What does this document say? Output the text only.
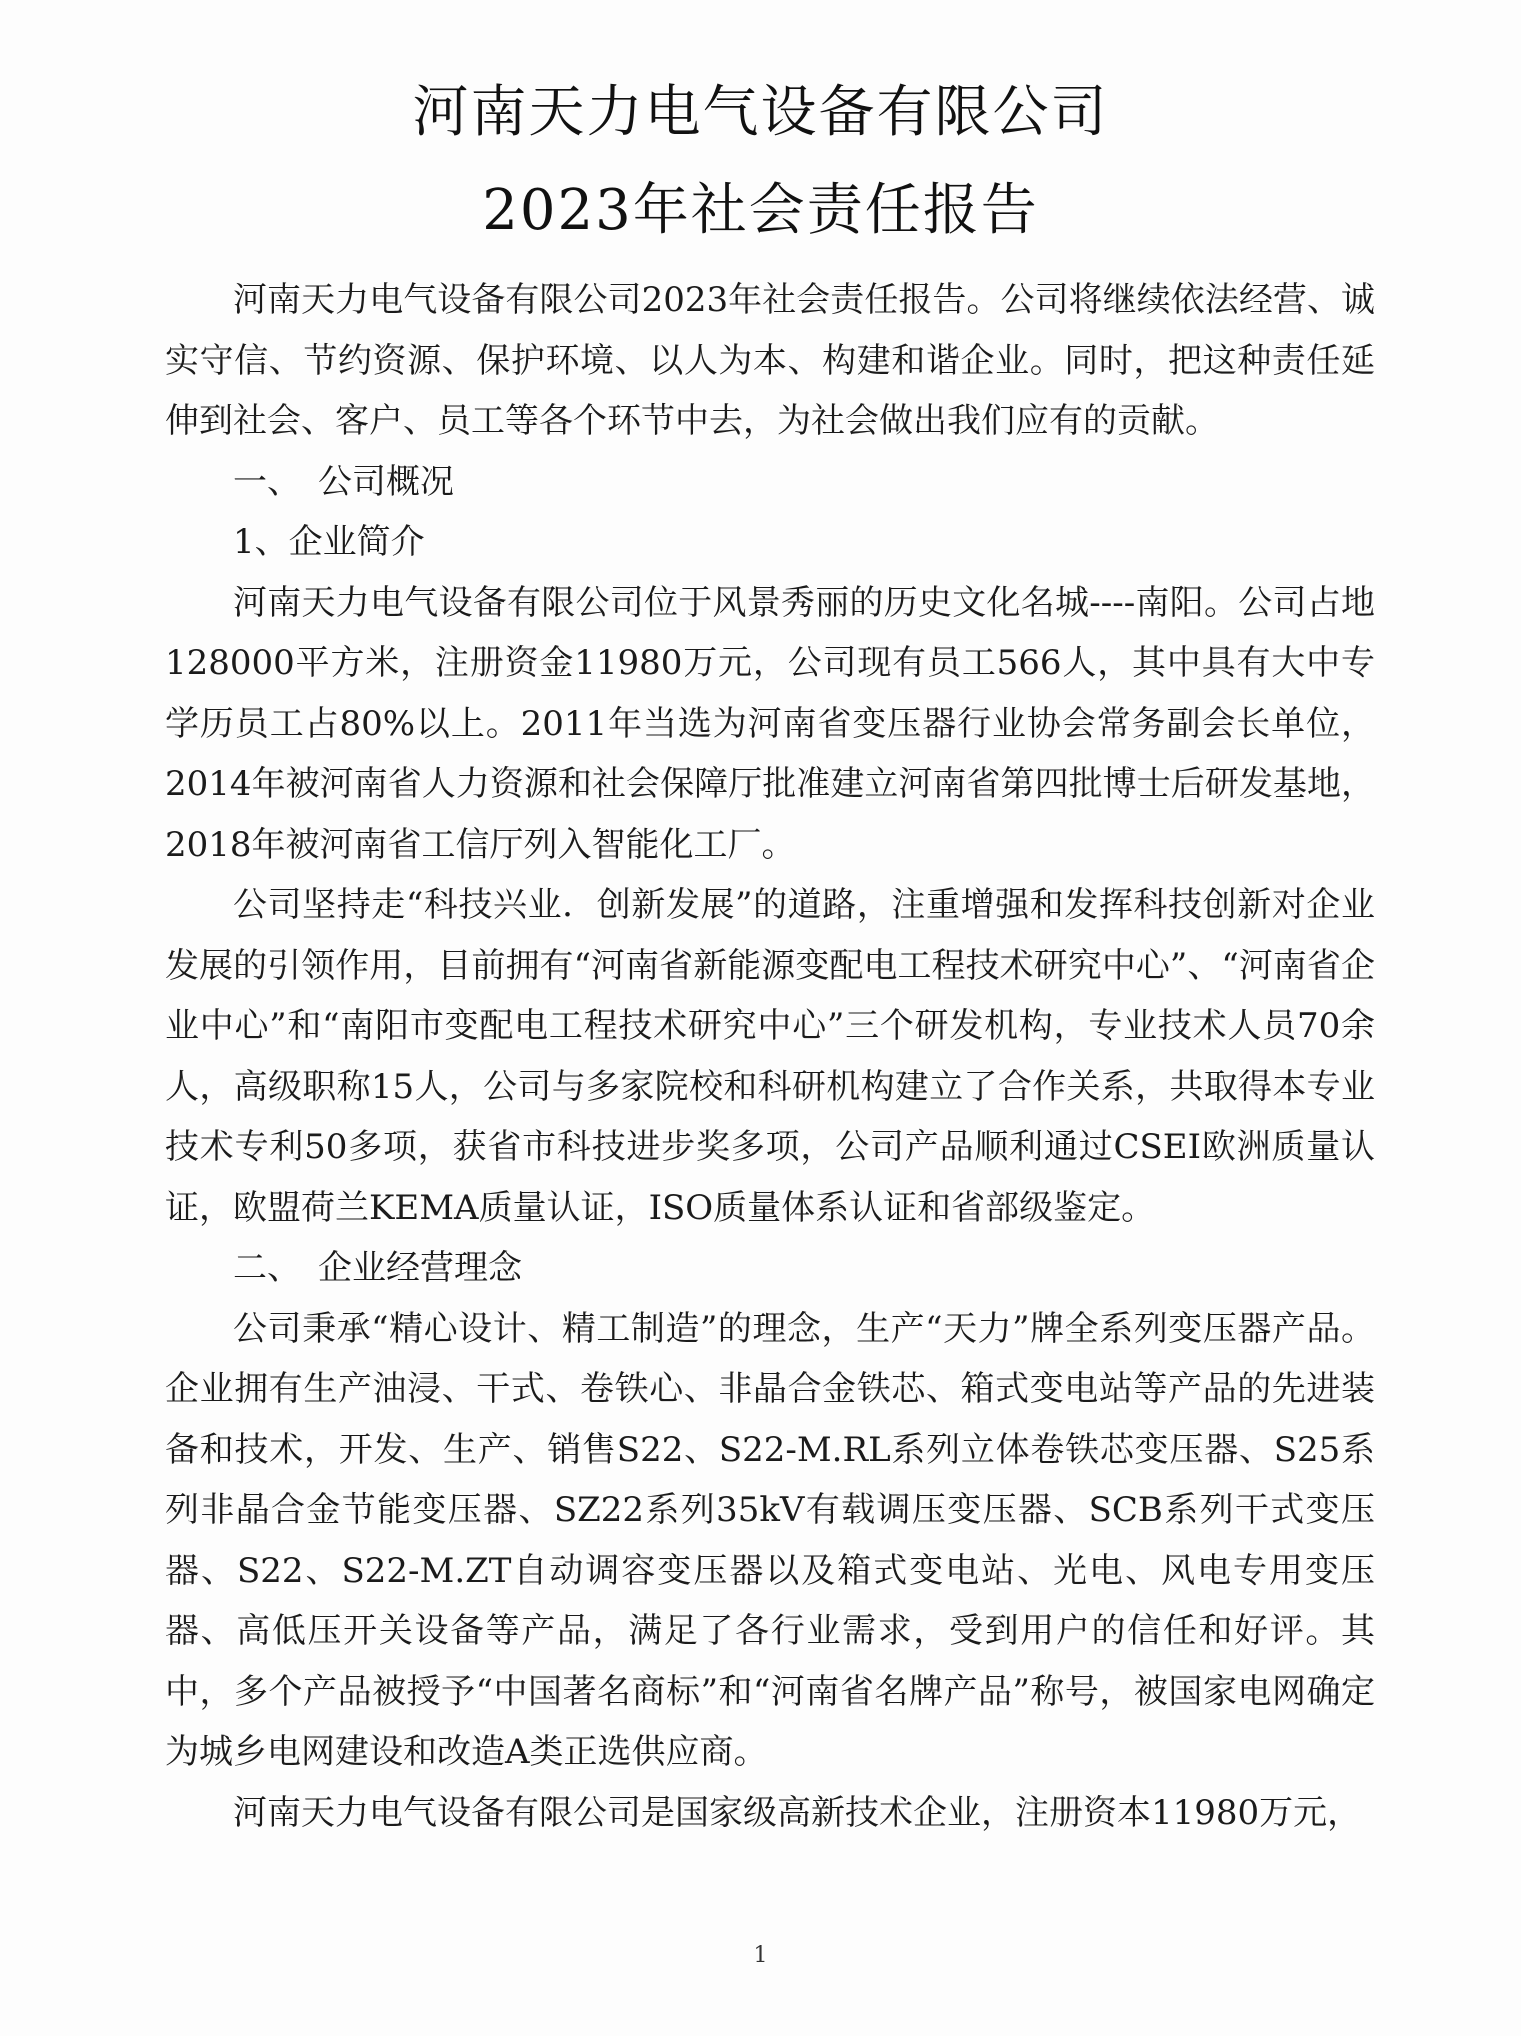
河南天力电气设备有限公司
2023年社会责任报告

河南天力电气设备有限公司2023年社会责任报告。公司将继续依法经营、诚实守信、节约资源、保护环境、以人为本、构建和谐企业。同时，把这种责任延伸到社会、客户、员工等各个环节中去，为社会做出我们应有的贡献。

一、　公司概况

1、企业简介

河南天力电气设备有限公司位于风景秀丽的历史文化名城----南阳。公司占地128000平方米，注册资金11980万元，公司现有员工566人，其中具有大中专学历员工占80%以上。2011年当选为河南省变压器行业协会常务副会长单位，2014年被河南省人力资源和社会保障厅批准建立河南省第四批博士后研发基地，2018年被河南省工信厅列入智能化工厂。

公司坚持走“科技兴业．创新发展”的道路，注重增强和发挥科技创新对企业发展的引领作用，目前拥有“河南省新能源变配电工程技术研究中心”、“河南省企业中心”和“南阳市变配电工程技术研究中心”三个研发机构，专业技术人员70余人，高级职称15人，公司与多家院校和科研机构建立了合作关系，共取得本专业技术专利50多项，获省市科技进步奖多项，公司产品顺利通过CSEI欧洲质量认证，欧盟荷兰KEMA质量认证，ISO质量体系认证和省部级鉴定。

二、　企业经营理念

公司秉承“精心设计、精工制造”的理念，生产“天力”牌全系列变压器产品。企业拥有生产油浸、干式、卷铁心、非晶合金铁芯、箱式变电站等产品的先进装备和技术，开发、生产、销售S22、S22-M.RL系列立体卷铁芯变压器、S25系列非晶合金节能变压器、SZ22系列35kV有载调压变压器、SCB系列干式变压器、S22、S22-M.ZT自动调容变压器以及箱式变电站、光电、风电专用变压器、高低压开关设备等产品，满足了各行业需求，受到用户的信任和好评。其中，多个产品被授予“中国著名商标”和“河南省名牌产品”称号，被国家电网确定为城乡电网建设和改造A类正选供应商。

河南天力电气设备有限公司是国家级高新技术企业，注册资本11980万元，

1
